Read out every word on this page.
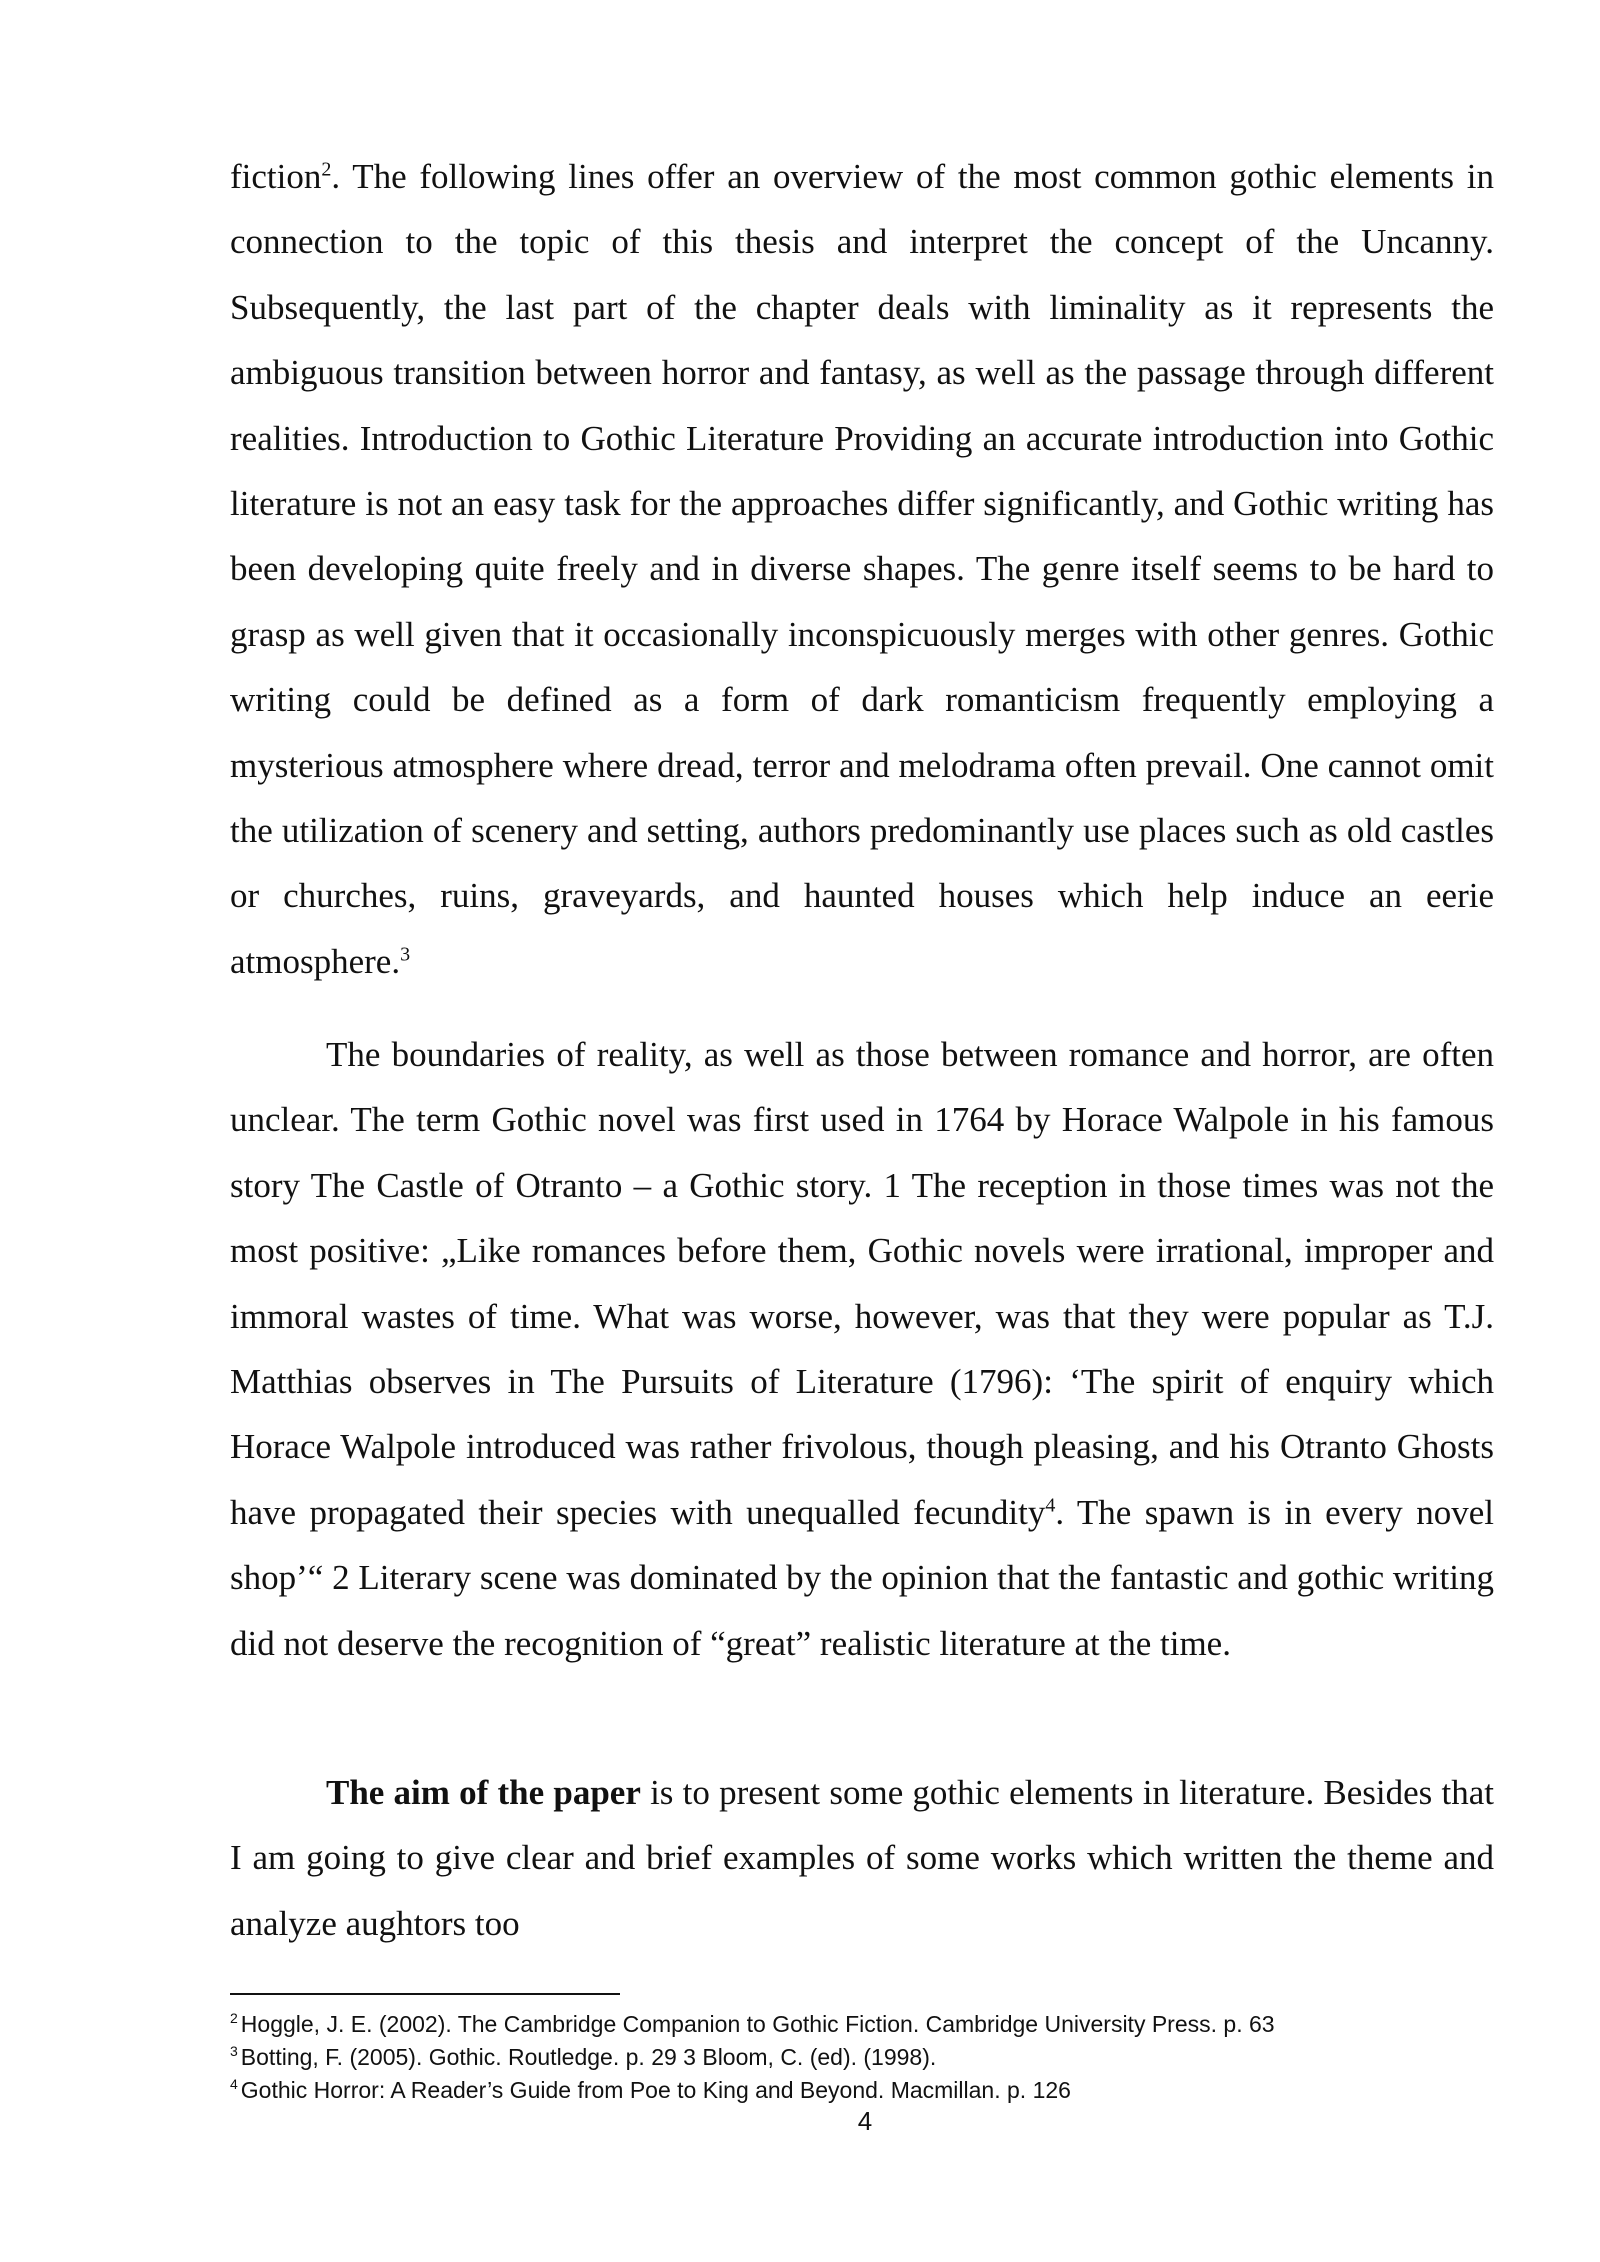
fiction$^2$. The following lines offer an overview of the most common gothic elements in connection to the topic of this thesis and interpret the concept of the Uncanny. Subsequently, the last part of the chapter deals with liminality as it represents the ambiguous transition between horror and fantasy, as well as the passage through different realities. Introduction to Gothic Literature Providing an accurate introduction into Gothic literature is not an easy task for the approaches differ significantly, and Gothic writing has been developing quite freely and in diverse shapes. The genre itself seems to be hard to grasp as well given that it occasionally inconspicuously merges with other genres. Gothic writing could be defined as a form of dark romanticism frequently employing a mysterious atmosphere where dread, terror and melodrama often prevail. One cannot omit the utilization of scenery and setting, authors predominantly use places such as old castles or churches, ruins, graveyards, and haunted houses which help induce an eerie atmosphere.$^3$

The boundaries of reality, as well as those between romance and horror, are often unclear. The term Gothic novel was first used in 1764 by Horace Walpole in his famous story The Castle of Otranto – a Gothic story. 1 The reception in those times was not the most positive: „Like romances before them, Gothic novels were irrational, improper and immoral wastes of time. What was worse, however, was that they were popular as T.J. Matthias observes in The Pursuits of Literature (1796): ‘The spirit of enquiry which Horace Walpole introduced was rather frivolous, though pleasing, and his Otranto Ghosts have propagated their species with unequalled fecundity$^4$. The spawn is in every novel shop’“ 2 Literary scene was dominated by the opinion that the fantastic and gothic writing did not deserve the recognition of “great” realistic literature at the time.

The aim of the paper is to present some gothic elements in literature. Besides that I am going to give clear and brief examples of some works which written the theme and analyze aughtors too

$^2$ Hoggle, J. E. (2002). The Cambridge Companion to Gothic Fiction. Cambridge University Press. p. 63

$^3$ Botting, F. (2005). Gothic. Routledge. p. 29 3 Bloom, C. (ed). (1998).

$^4$ Gothic Horror: A Reader’s Guide from Poe to King and Beyond. Macmillan. p. 126

4
